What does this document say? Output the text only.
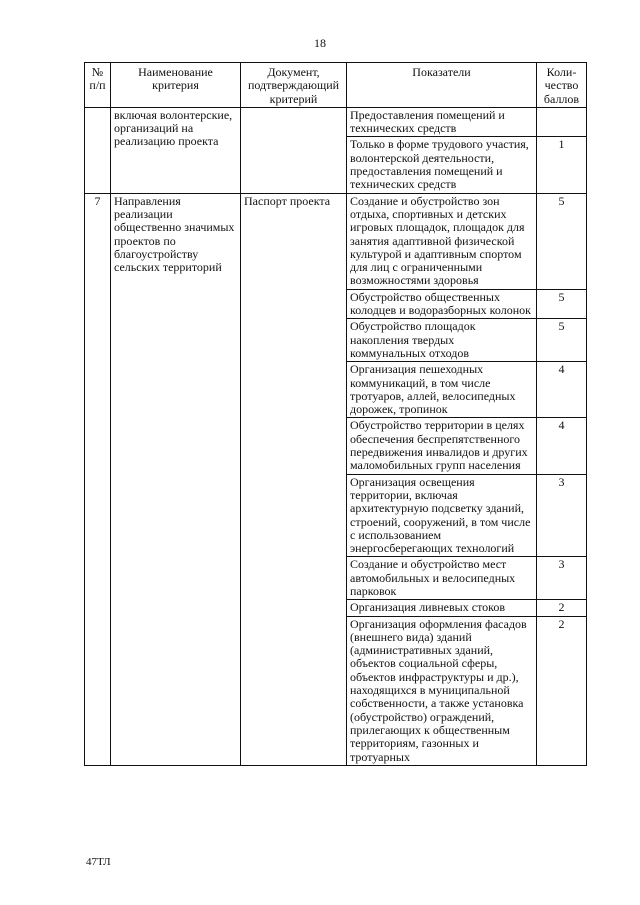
18
№ п/п	Наименование критерия	Документ, подтверждающий критерий	Показатели	Коли-чество баллов
	включая волонтерские, организаций на реализацию проекта		Предоставления помещений и технических средств	
			Только в форме трудового участия, волонтерской деятельности, предоставления помещений и технических средств	1
7	Направления реализации общественно значимых проектов по благоустройству сельских территорий	Паспорт проекта	Создание и обустройство зон отдыха, спортивных и детских игровых площадок, площадок для занятия адаптивной физической культурой и адаптивным спортом для лиц с ограниченными возможностями здоровья	5
			Обустройство общественных колодцев и водоразборных колонок	5
			Обустройство площадок накопления твердых коммунальных отходов	5
			Организация пешеходных коммуникаций, в том числе тротуаров, аллей, велосипедных дорожек, тропинок	4
			Обустройство территории в целях обеспечения беспрепятственного передвижения инвалидов и других маломобильных групп населения	4
			Организация освещения территории, включая архитектурную подсветку зданий, строений, сооружений, в том числе с использованием энергосберегающих технологий	3
			Создание и обустройство мест автомобильных и велосипедных парковок	3
			Организация ливневых стоков	2
			Организация оформления фасадов (внешнего вида) зданий (административных зданий, объектов социальной сферы, объектов инфраструктуры и др.), находящихся в муниципальной собственности, а также установка (обустройство) ограждений, прилегающих к общественным территориям, газонных и тротуарных	2
47ТЛ
